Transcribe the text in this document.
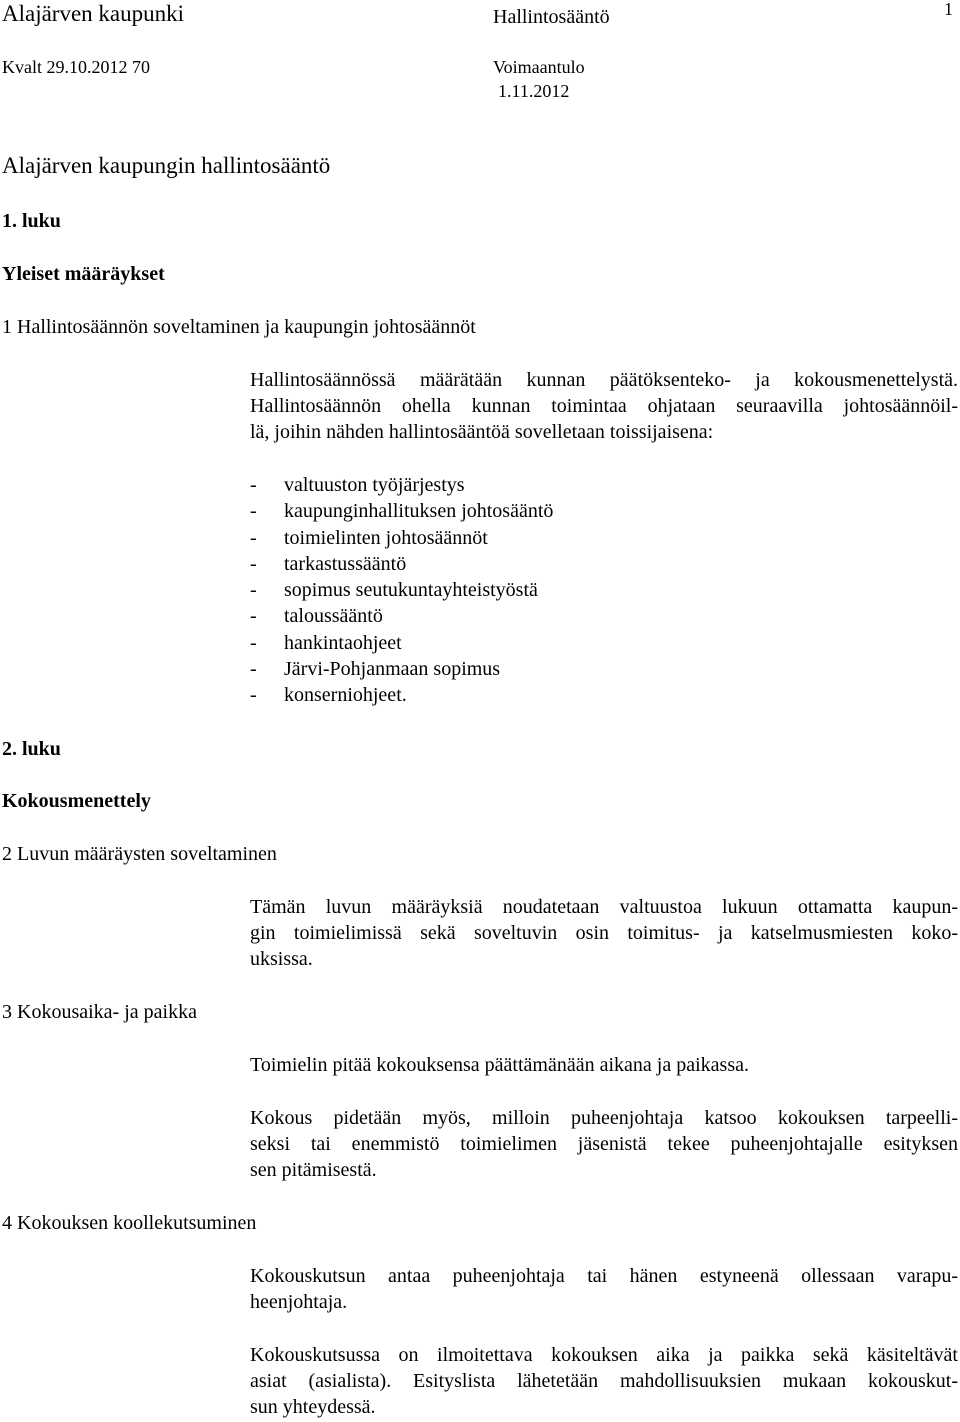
Alajärven kaupunki	Hallintosääntö	1
Kvalt 29.10.2012 70	Voimaantulo
1.11.2012
Alajärven kaupungin hallintosääntö
1. luku
Yleiset määräykset
1 Hallintosäännön soveltaminen ja kaupungin johtosäännöt
Hallintosäännössä määrätään kunnan päätöksenteko- ja kokousmenettelystä.
Hallintosäännön ohella kunnan toimintaa ohjataan seuraavilla johtosäännöil-
lä, joihin nähden hallintosääntöä sovelletaan toissijaisena:
- valtuuston työjärjestys
- kaupunginhallituksen johtosääntö
- toimielinten johtosäännöt
- tarkastussääntö
- sopimus seutukuntayhteistyöstä
- taloussääntö
- hankintaohjeet
- Järvi-Pohjanmaan sopimus
- konserniohjeet.
2. luku
Kokousmenettely
2 Luvun määräysten soveltaminen
Tämän luvun määräyksiä noudatetaan valtuustoa lukuun ottamatta kaupun-
gin toimielimissä sekä soveltuvin osin toimitus- ja katselmusmiesten koko-
uksissa.
3 Kokousaika- ja paikka
Toimielin pitää kokouksensa päättämänään aikana ja paikassa.
Kokous pidetään myös, milloin puheenjohtaja katsoo kokouksen tarpeelli-
seksi tai enemmistö toimielimen jäsenistä tekee puheenjohtajalle esityksen
sen pitämisestä.
4 Kokouksen koollekutsuminen
Kokouskutsun antaa puheenjohtaja tai hänen estyneenä ollessaan varapu-
heenjohtaja.
Kokouskutsussa on ilmoitettava kokouksen aika ja paikka sekä käsiteltävät
asiat (asialista). Esityslista lähetetään mahdollisuuksien mukaan kokouskut-
sun yhteydessä.
